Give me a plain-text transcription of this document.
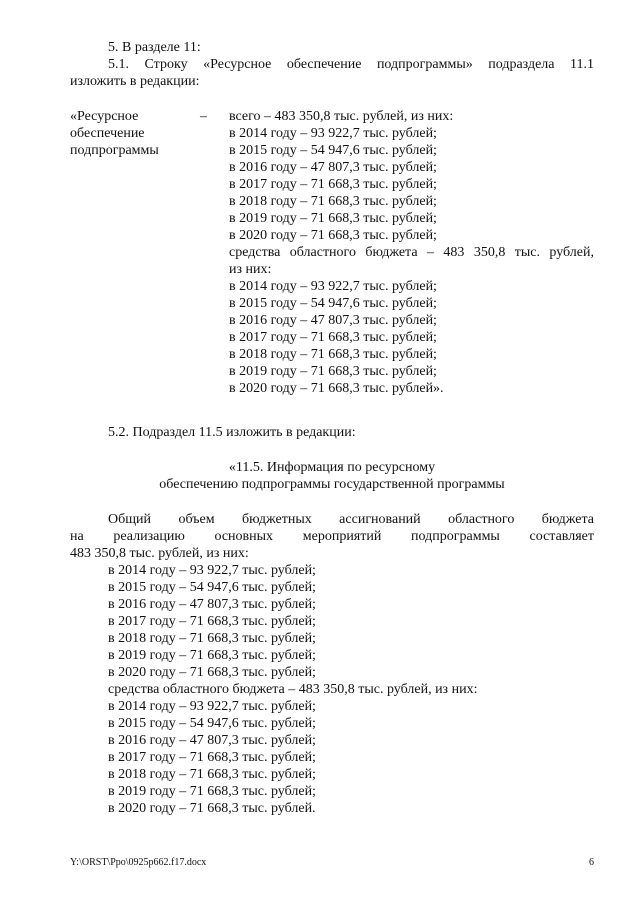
5. В разделе 11:
5.1. Строку «Ресурсное обеспечение подпрограммы» подраздела 11.1
изложить в редакции:
«Ресурсное
обеспечение
подпрограммы
– всего – 483 350,8 тыс. рублей, из них:
в 2014 году – 93 922,7 тыс. рублей;
в 2015 году – 54 947,6 тыс. рублей;
в 2016 году – 47 807,3 тыс. рублей;
в 2017 году – 71 668,3 тыс. рублей;
в 2018 году – 71 668,3 тыс. рублей;
в 2019 году – 71 668,3 тыс. рублей;
в 2020 году – 71 668,3 тыс. рублей;
средства областного бюджета – 483 350,8 тыс. рублей,
из них:
в 2014 году – 93 922,7 тыс. рублей;
в 2015 году – 54 947,6 тыс. рублей;
в 2016 году – 47 807,3 тыс. рублей;
в 2017 году – 71 668,3 тыс. рублей;
в 2018 году – 71 668,3 тыс. рублей;
в 2019 году – 71 668,3 тыс. рублей;
в 2020 году – 71 668,3 тыс. рублей».
5.2. Подраздел 11.5 изложить в редакции:
«11.5. Информация по ресурсному
обеспечению подпрограммы государственной программы
Общий объем бюджетных ассигнований областного бюджета
на реализацию основных мероприятий подпрограммы составляет
483 350,8 тыс. рублей, из них:
в 2014 году – 93 922,7 тыс. рублей;
в 2015 году – 54 947,6 тыс. рублей;
в 2016 году – 47 807,3 тыс. рублей;
в 2017 году – 71 668,3 тыс. рублей;
в 2018 году – 71 668,3 тыс. рублей;
в 2019 году – 71 668,3 тыс. рублей;
в 2020 году – 71 668,3 тыс. рублей;
средства областного бюджета – 483 350,8 тыс. рублей, из них:
в 2014 году – 93 922,7 тыс. рублей;
в 2015 году – 54 947,6 тыс. рублей;
в 2016 году – 47 807,3 тыс. рублей;
в 2017 году – 71 668,3 тыс. рублей;
в 2018 году – 71 668,3 тыс. рублей;
в 2019 году – 71 668,3 тыс. рублей;
в 2020 году – 71 668,3 тыс. рублей.
Y:\ORST\Ppo\0925p662.f17.docx	6
